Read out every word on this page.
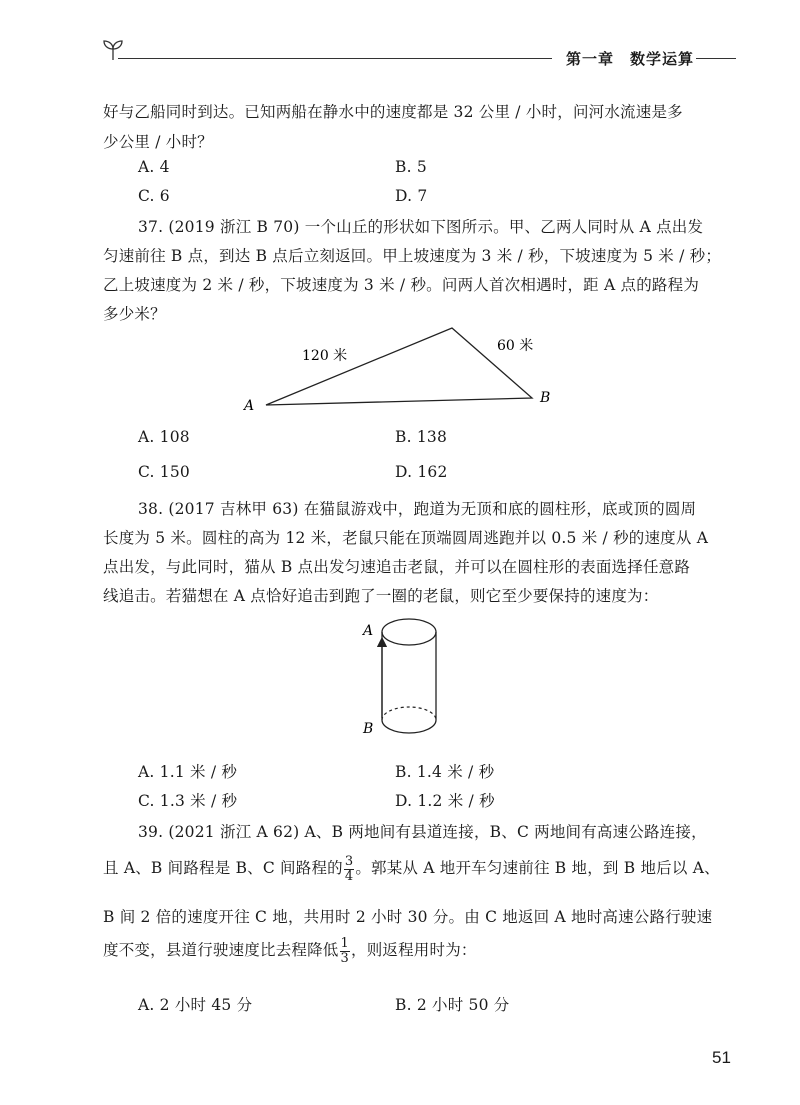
第一章　数学运算
好与乙船同时到达。已知两船在静水中的速度都是 32 公里 / 小时，问河水流速是多
少公里 / 小时？
A. 4	B. 5
C. 6	D. 7
37. (2019 浙江 B 70) 一个山丘的形状如下图所示。甲、乙两人同时从 A 点出发
匀速前往 B 点，到达 B 点后立刻返回。甲上坡速度为 3 米 / 秒，下坡速度为 5 米 / 秒；
乙上坡速度为 2 米 / 秒，下坡速度为 3 米 / 秒。问两人首次相遇时，距 A 点的路程为
多少米？
120 米
60 米
A	B
A. 108	B. 138
C. 150	D. 162
38. (2017 吉林甲 63) 在猫鼠游戏中，跑道为无顶和底的圆柱形，底或顶的圆周
长度为 5 米。圆柱的高为 12 米，老鼠只能在顶端圆周逃跑并以 0.5 米 / 秒的速度从 A
点出发，与此同时，猫从 B 点出发匀速追击老鼠，并可以在圆柱形的表面选择任意路
线追击。若猫想在 A 点恰好追击到跑了一圈的老鼠，则它至少要保持的速度为：
A
B
A. 1.1 米 / 秒	B. 1.4 米 / 秒
C. 1.3 米 / 秒	D. 1.2 米 / 秒
39. (2021 浙江 A 62) A、B 两地间有县道连接，B、C 两地间有高速公路连接，
且 A、B 间路程是 B、C 间路程的 $\frac{3}{4}$ 。郭某从 A 地开车匀速前往 B 地，到 B 地后以 A、
B 间 2 倍的速度开往 C 地，共用时 2 小时 30 分。由 C 地返回 A 地时高速公路行驶速
度不变，县道行驶速度比去程降低 $\frac{1}{3}$ ，则返程用时为：
A. 2 小时 45 分	B. 2 小时 50 分
51
